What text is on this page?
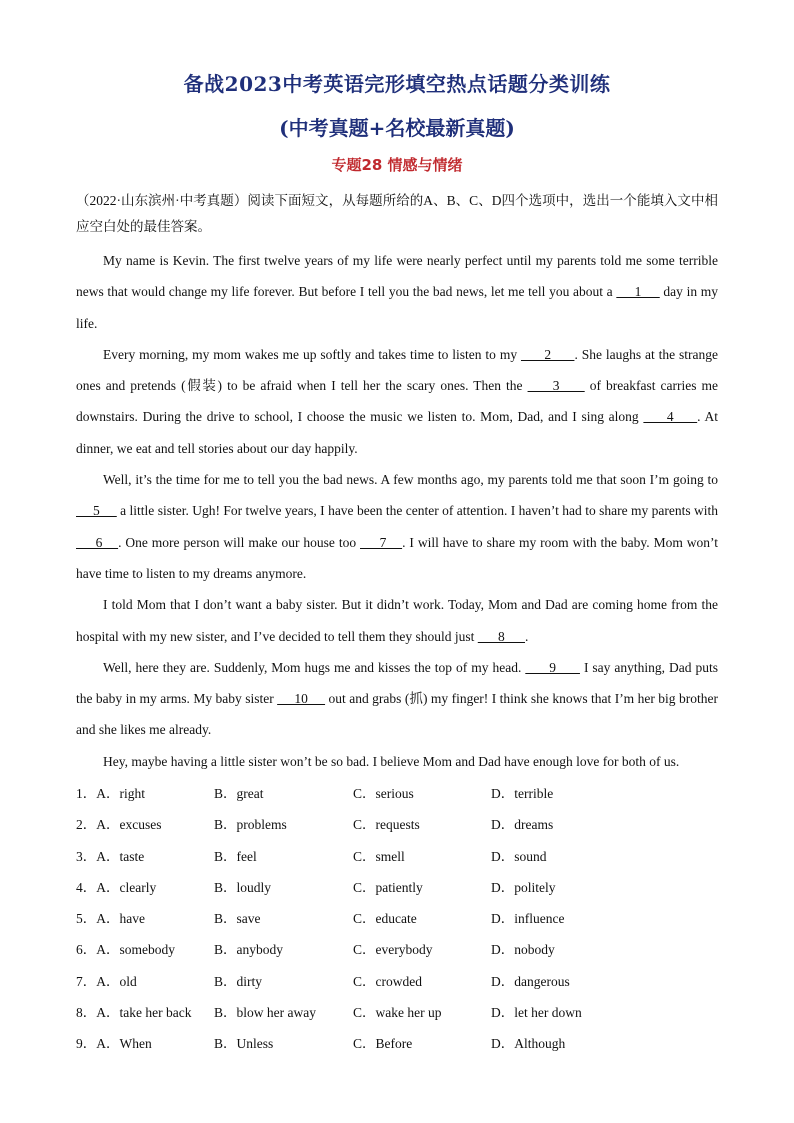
备战2023中考英语完形填空热点话题分类训练
(中考真题+名校最新真题)
专题28 情感与情绪

（2022·山东滨州·中考真题）阅读下面短文，从每题所给的A、B、C、D四个选项中，选出一个能填入文中相应空白处的最佳答案。

My name is Kevin. The first twelve years of my life were nearly perfect until my parents told me some terrible news that would change my life forever. But before I tell you the bad news, let me tell you about a      1      day in my life.

Every morning, my mom wakes me up softly and takes time to listen to my       2      . She laughs at the strange ones and pretends (假装) to be afraid when I tell her the scary ones. Then the      3      of breakfast carries me downstairs. During the drive to school, I choose the music we listen to. Mom, Dad, and I sing along      4     . At dinner, we eat and tell stories about our day happily.

Well, it’s the time for me to tell you the bad news. A few months ago, my parents told me that soon I’m going to      5      a little sister. Ugh! For twelve years, I have been the center of attention. I haven’t had to share my parents with      6    . One more person will make our house too      7    . I will have to share my room with the baby. Mom won’t have time to listen to my dreams anymore.

I told Mom that I don’t want a baby sister. But it didn’t work. Today, Mom and Dad are coming home from the hospital with my new sister, and I’ve decided to tell them they should just       8      .

Well, here they are. Suddenly, Mom hugs me and kisses the top of my head.       9       I say anything, Dad puts the baby in my arms. My baby sister      10      out and grabs (抓) my finger! I think she knows that I’m her big brother and she likes me already.

Hey, maybe having a little sister won’t be so bad. I believe Mom and Dad have enough love for both of us.

1．A．right	B．great	C．serious	D．terrible
2．A．excuses	B．problems	C．requests	D．dreams
3．A．taste	B．feel	C．smell	D．sound
4．A．clearly	B．loudly	C．patiently	D．politely
5．A．have	B．save	C．educate	D．influence
6．A．somebody	B．anybody	C．everybody	D．nobody
7．A．old	B．dirty	C．crowded	D．dangerous
8．A．take her back B．blow her away	C．wake her up	D．let her down
9．A．When	B．Unless	C．Before	D．Although
